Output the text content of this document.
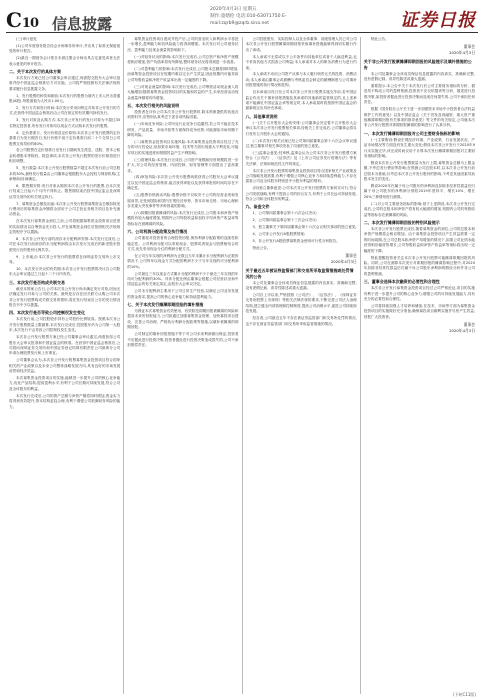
C10 信息披露
2020年4月3日 星期五
制作:童婧伦 电话:010-63071750 E-mail:zqrb9@zqrb.sina.net	证券日报
(三)审计意见
(1)公司年度财务报告经会计师事务所审计,并出具了标准无保留意见的审计报告。
(2)最近一期财务会计报告未被注册会计师出具否定意见或者无法表示意见的审计报告。
二、关于本次发行的具体方案
本次发行方案已经公司董事会审议通过,尚需提交股东大会审议批准并经中国证监会核准后方可实施。公司将严格按照有关法律法规的要求履行信息披露义务。
1、发行股票的种类和面值:本次发行的股票为境内上市人民币普通股(A股),每股面值为人民币1.00元。
2、发行方式和发行时间:本次发行采用向特定对象非公开发行的方式,在获得中国证监会核准后由公司在规定的有效期内择机发行。
3、发行对象及认购方式:本次非公开发行的发行对象为不超过35名特定投资者,所有发行对象均以现金方式认购本次发行的股票。
4、定价基准日、发行价格及定价原则:本次非公开发行股票的定价基准日为发行期首日,发行价格不低于定价基准日前二十个交易日公司股票交易均价的80%。
若公司股票在定价基准日至发行日期间发生派息、送股、资本公积金转增股本等除权、除息事项,本次非公开发行股票的发行价格将进行相应调整。
5、发行数量:本次非公开发行股票数量不超过本次发行前公司总股本的30%,最终发行数量由公司董事会根据股东大会授权与保荐机构(主承销商)协商确定。
6、限售期安排:发行对象认购的本次非公开发行的股票,自本次发行结束之日起六个月内不得转让。限售期结束后按中国证监会及深圳证券交易所的有关规定执行。
7、募集资金总额及用途:本次非公开发行股票募集资金总额扣除发行费用后的募集资金净额将全部用于公司主营业务相关项目及补充流动资金。
在本次发行募集资金到位之前,公司将根据募集资金投资项目进度的实际情况以自筹资金先行投入,并在募集资金到位后按照相关法规规定的程序予以置换。
8、本次非公开发行前的滚存未分配利润安排:本次发行完成后,公司在本次发行前滚存的未分配利润将由本次发行完成后的新老股东按照发行后的股份比例共享。
9、上市地点:本次非公开发行的股票将在深圳证券交易所上市交易。
10、本次发行决议的有效期:本次非公开发行股票的决议自公司股东大会审议通过之日起十二个月内有效。
三、本次发行是否构成关联交易
截至本预案公告日,公司本次非公开发行尚未确定发行对象,因而无法确定发行对象与公司的关系。最终是否存在因关联方认购公司本次非公开发行股票构成关联交易的情形,将在发行结束后公告的发行情况报告书中予以披露。
四、本次发行是否导致公司控制权发生变化
本次发行前,公司控股股东持有公司股份比例较高。按照本次非公开发行股票数量上限测算,本次发行完成后,控股股东仍为公司第一大股东,本次发行不会导致公司控制权发生变化。
本次非公开发行股票方案已经公司董事会审议通过,尚需获得公司股东大会审议批准和中国证监会的核准。在获得中国证监会核准后,公司将向深圳证券交易所和中国证券登记结算有限责任公司深圳分公司申请办理股票发行和上市事宜。
公司董事会认为,本次非公开发行股票募集资金投资项目符合国家相关的产业政策以及未来公司整体战略发展方向,具有良好的市场发展前景和经济效益。
本次募集资金投资项目的实施,能够进一步提升公司的核心竞争能力,优化产品结构,提高盈利水平,有利于公司长期可持续发展,符合公司及全体股东的利益。
本次发行完成后,公司的资产总额与净资产额将同时增加,资金实力将得到有效提升,资本结构更趋合理,有利于增强公司抵御财务风险的能力。
募集资金投资项目建成并投产后,公司的营业收入和利润水平将进一步增长,盈利能力和抗风险能力将得到增强。本次发行对公司财务状况、盈利能力及现金流量的影响如下。
(一)对财务状况的影响:本次发行完成后,公司总资产和净资产规模将相应增加,资产负债率将有所降低,整体财务状况将得到进一步改善。
(二)对盈利能力的影响:本次发行完成后,公司股本总额将即时增加,而募集资金投资项目在短期内难以完全产生效益,因此短期内可能导致公司每股收益和净资产收益率出现一定幅度的下降。
(三)对现金流量的影响:本次发行完成后,公司筹资活动现金流入将大幅增加;随着募集资金投资项目的实施和效益的产生,未来经营活动现金流量净额将有所增加。
五、本次发行相关的风险说明
投资者在评价公司本次非公开发行股票时,除本预案提供的其他各项资料外,应特别认真考虑下述各项风险因素。
(一)市场竞争风险:公司所处行业竞争日趋激烈,若公司不能在技术研发、产品质量、市场开拓等方面保持竞争优势,可能面临市场份额下降的风险。
(二)募集资金投资项目实施风险:本次募集资金投资项目经过了充分的可行性论证,但如果市场环境、技术等方面出现重大不利变化,可能对项目的实施进度和预期效益产生不利影响。
(三)管理风险:本次发行完成后,公司资产规模和经营规模将进一步扩大,对公司的经营管理、内部控制、财务管理等方面提出了更高要求。
(四)审批风险:本次非公开发行股票尚需获得公司股东大会审议通过以及中国证监会的核准,能否获得审批以及获得审批的时间均存在不确定性。
(五)股票价格波动风险:股票价格不仅取决于公司的经营业绩和发展前景,还受到国际和国内宏观经济形势、资本市场走势、市场心理和各类重大突发事件等多种因素的影响。
(六)即期回报被摊薄的风险:本次发行完成后,公司股本和净资产规模将有较大幅度增加,短期内公司每股收益和加权平均净资产收益率等指标存在被摊薄的风险。
六、公司利润分配政策及执行情况
公司重视对投资者的合理投资回报,保持利润分配政策的连续性和稳定性。公司利润分配可以采取现金、股票或者现金与股票相结合的方式,优先采用现金分红的利润分配方式。
在公司当年实现的净利润为正数且当年末累计未分配利润为正数的情况下,公司每年以现金方式分配的利润不少于当年实现的可分配利润的10%。
公司最近三年以现金方式累计分配的利润不少于最近三年实现的年均可分配利润的30%。具体分配比例由董事会根据公司经营状况和中国证监会的有关规定拟定,由股东大会审议决定。
公司未分配利润主要用于公司日常生产经营,以满足公司业务发展的资金需求,提高公司的核心竞争能力和持续盈利能力。
七、关于本次发行摊薄即期回报的填补措施
为保证本次募集资金有效使用、有效防范即期回报被摊薄的风险和提高未来的回报能力,公司拟通过加强募集资金管理、加快募投项目建设、完善公司治理、严格执行利润分配政策等措施,以填补被摊薄的即期回报。
公司制定的填补回报措施不等于对公司未来利润做出保证,投资者不应据此进行投资决策,投资者据此进行投资决策造成损失的,公司不承担赔偿责任。
公司控股股东、实际控制人以及全体董事、高级管理人员已对公司本次非公开发行股票摊薄即期回报采取填补措施能够得到切实履行作出了承诺。
本人承诺不无偿或以不公平条件向其他单位或者个人输送利益,也不采用其他方式损害公司利益;本人承诺对本人的职务消费行为进行约束。
本人承诺不动用公司资产从事与本人履行职责无关的投资、消费活动;本人承诺由董事会或薪酬与考核委员会制定的薪酬制度与公司填补回报措施的执行情况相挂钩。
自本承诺出具日至公司本次非公开发行股票实施完毕前,若中国证监会作出关于填补回报措施及其承诺的其他新的监管规定的,且上述承诺不能满足中国证监会该等规定时,本人承诺届时将按照中国证监会的最新规定出具补充承诺。
八、其他事项说明
(一)关于召开股东大会的安排:公司董事会决定暂不召开股东大会审议本次非公开发行股票相关事项,待相关工作完成后,公司董事会将另行发布召开股东大会的通知。
(二)本次发行相关议案已经公司第四届董事会第十六次会议审议通过,独立董事对相关事项发表了同意的独立意见。
(三)监事会意见:经审核,监事会认为公司本次非公开发行股票方案符合《公司法》、《证券法》及《上市公司证券发行管理办法》等有关法律、法规和规范性文件的规定。
本次非公开发行股票的募集资金投资项目符合国家相关产业政策及公司战略发展需要,有利于增强公司核心竞争力和持续盈利能力,不存在损害公司及全体股东特别是中小股东利益的情形。
(四)独立董事意见:公司本次非公开发行股票的方案切实可行,符合公司发展战略,有利于提高公司的综合实力,有利于公司长远可持续发展,符合公司和全体股东的利益。
九、备查文件
1、公司第四届董事会第十六次会议决议;
2、公司第四届监事会第十三次会议决议;
3、独立董事关于第四届董事会第十六次会议相关事项的独立意见;
4、公司非公开发行A股股票预案;
5、非公开发行A股股票募集资金使用可行性分析报告。
特此公告。
董事会
2020年4月3日
关于最近五年被证券监管部门和交易所采取监管措施或处罚情况的公告
本公司及董事会全体成员保证信息披露的内容真实、准确和完整,没有虚假记载、误导性陈述或重大遗漏。
公司自上市以来,严格按照《公司法》、《证券法》、《深圳证券交易所股票上市规则》等相关法律法规的要求,不断完善公司法人治理结构,建立健全内部管理和控制制度,提高公司治理水平,促进公司持续规范发展。
经自查,公司最近五年不存在被证券监管部门和交易所处罚的情况,也不存在被证券监管部门和交易所采取监管措施的情况。
特此公告。
董事会
2020年4月3日
关于非公开发行股票摊薄即期回报的风险提示及填补措施的公告
本公司及董事会全体成员保证信息披露的内容真实、准确和完整,没有虚假记载、误导性陈述或重大遗漏。
重要提示:本公告中关于本次发行后公司主要财务指标的分析、描述均不构成公司的盈利预测,投资者不应仅依据该等分析、描述进行投资决策,如投资者据此进行投资决策而造成任何损失的,公司不承担任何责任。
根据《国务院办公厅关于进一步加强资本市场中小投资者合法权益保护工作的意见》以及中国证监会《关于首发及再融资、重大资产重组摊薄即期回报有关事项的指导意见》等文件的有关规定,公司就本次非公开发行股票对即期回报摊薄的影响进行了认真分析。
一、本次发行摊薄即期回报对公司主要财务指标的影响
(一)主要假设:假设宏观经济环境、产业政策、行业发展状况、产品市场情况等方面没有发生重大变化;假设本次非公开发行于2020年9月末实施完毕,该完成时间仅用于计算本次发行摊薄即期回报对主要财务指标的影响。
假设本次非公开发行股票数量为发行上限,募集资金总额为上限金额,不考虑发行费用等影响;在预测公司总股本时,以本次非公开发行前总股本为基础,仅考虑本次非公开发行股份的影响,不考虑其他因素导致股本发生的变化。
假设2020年归属于母公司股东的净利润及扣除非经常性损益后归属于母公司股东的净利润分别较2019年度持平、增长10%、增长20%三种情形进行测算。
(二)对公司主要财务指标的影响:基于上述假设,本次非公开发行完成后,公司的总股本和净资产将有较大幅度的增加,短期内公司的每股收益等指标存在被摊薄的风险。
二、本次发行摊薄即期回报的特别风险提示
本次非公开发行股票完成后,随着募集资金的到位,公司的总股本和净资产规模将会相应增加。由于募集资金投资项目产生效益需要一定的时间周期,在公司总股本和净资产均增加的情况下,如果公司业绩未能获得相应幅度的增长,公司每股收益和净资产收益率等指标将出现一定幅度的下降。
特此提醒投资者关注本次非公开发行股票可能摊薄即期回报的风险。同时,公司在测算本次发行对即期回报的摊薄影响过程中,对2020年扣除非经常性损益后归属于母公司股东净利润的假设分析并非公司的盈利预测。
三、董事会选择本次融资的必要性和合理性
本次非公开发行募集资金投资项目经过公司严格论证,项目的实施有利于进一步提升公司的核心竞争力,增强公司的可持续发展能力,具有充分的必要性和合理性。
公司将持续加强人才培养和储备,在技术、市场等方面为募集资金投资项目的实施做好充分准备,确保募投项目顺利实施并尽快产生效益,回报广大投资者。
董事会
2020年4月3日
(下转C11版)
